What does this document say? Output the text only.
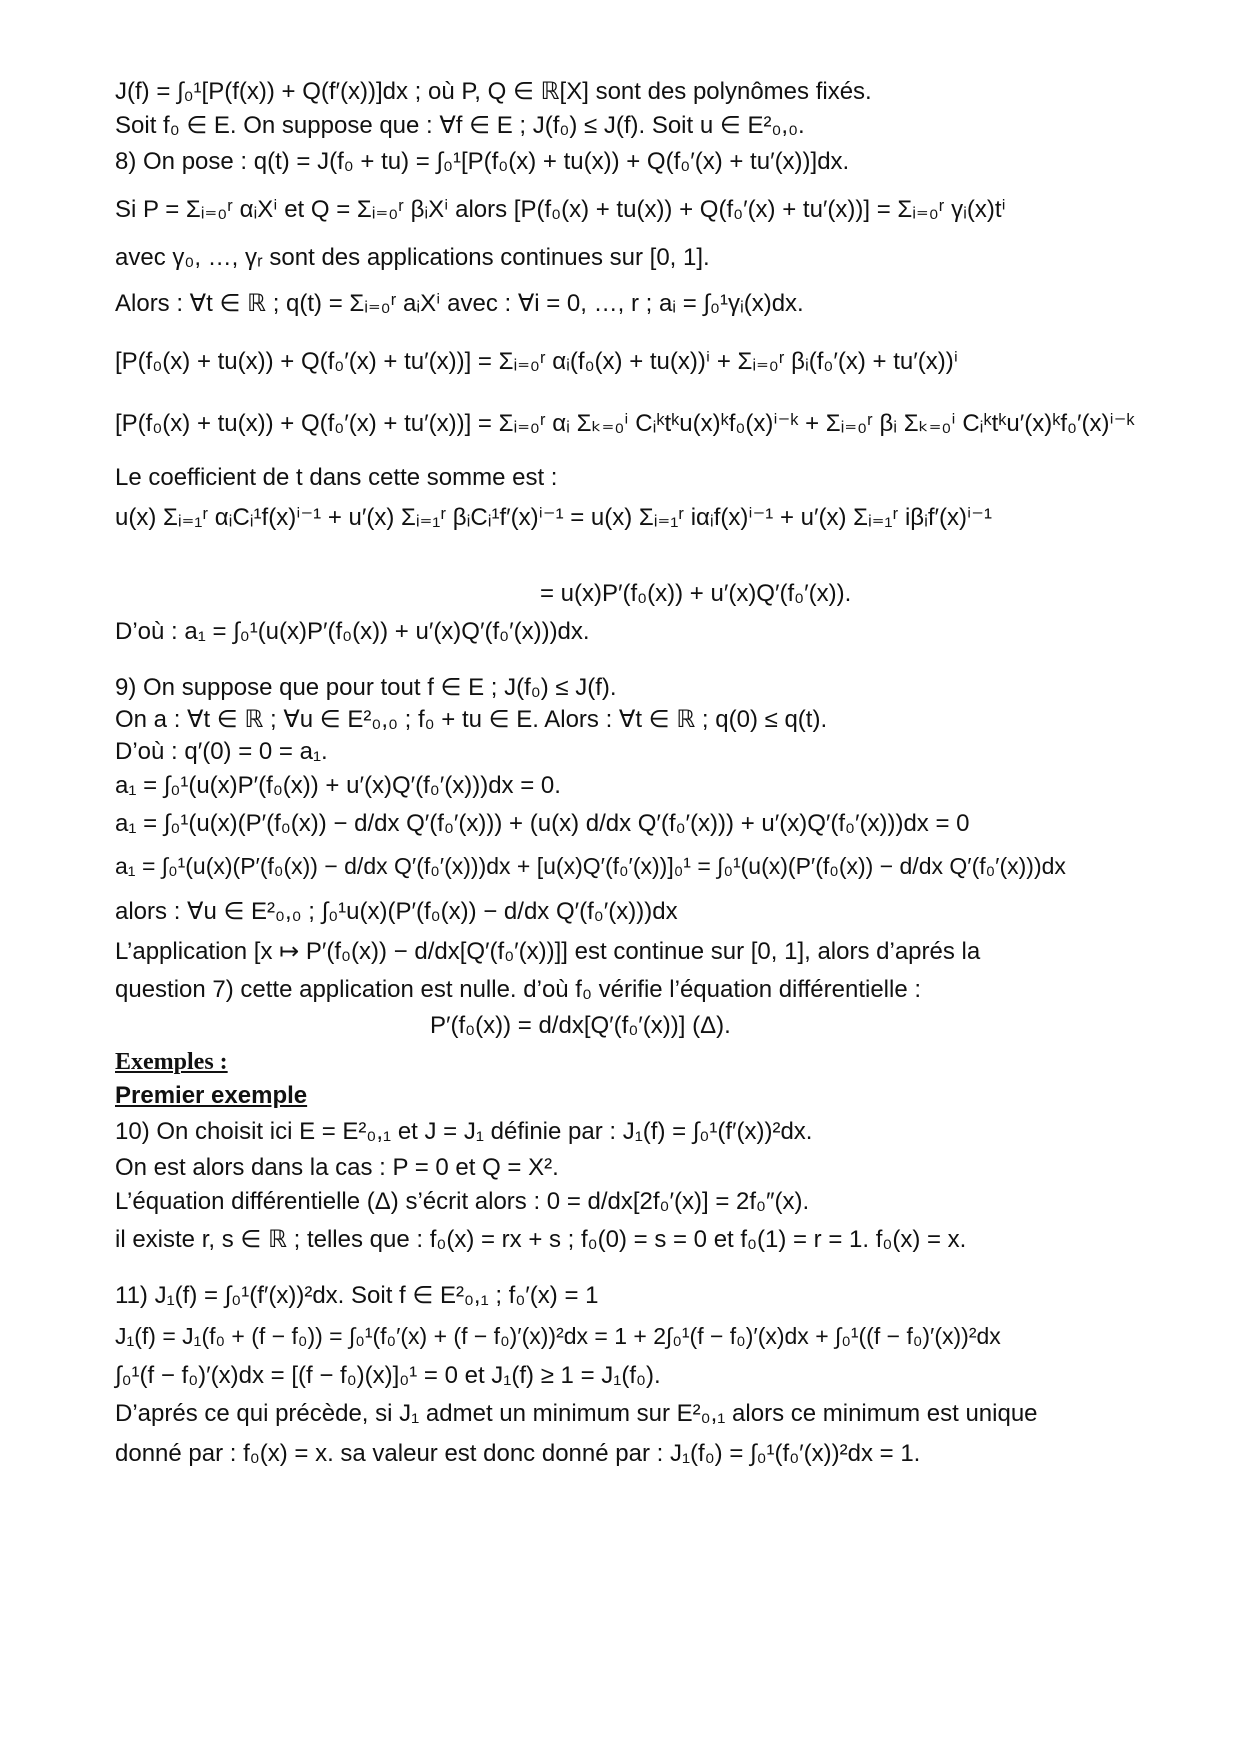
J(f) = ∫₀¹[P(f(x)) + Q(f′(x))]dx ; où P, Q ∈ ℝ[X] sont des polynômes fixés.
Soit f₀ ∈ E. On suppose que : ∀f ∈ E ; J(f₀) ≤ J(f). Soit u ∈ E²₀,₀.
8) On pose : q(t) = J(f₀ + tu) = ∫₀¹[P(f₀(x) + tu(x)) + Q(f₀′(x) + tu′(x))]dx.
Si P = Σᵢ₌₀ʳ αᵢXⁱ et Q = Σᵢ₌₀ʳ βᵢXⁱ alors [P(f₀(x) + tu(x)) + Q(f₀′(x) + tu′(x))] = Σᵢ₌₀ʳ γᵢ(x)tⁱ
avec γ₀, …, γᵣ sont des applications continues sur [0, 1].
Alors : ∀t ∈ ℝ ; q(t) = Σᵢ₌₀ʳ aᵢXⁱ avec : ∀i = 0, …, r ; aᵢ = ∫₀¹γᵢ(x)dx.
[P(f₀(x) + tu(x)) + Q(f₀′(x) + tu′(x))] = Σᵢ₌₀ʳ αᵢ(f₀(x) + tu(x))ⁱ + Σᵢ₌₀ʳ βᵢ(f₀′(x) + tu′(x))ⁱ
[P(f₀(x) + tu(x)) + Q(f₀′(x) + tu′(x))] = Σᵢ₌₀ʳ αᵢ Σₖ₌₀ⁱ Cᵢᵏtᵏu(x)ᵏf₀(x)ⁱ⁻ᵏ + Σᵢ₌₀ʳ βᵢ Σₖ₌₀ⁱ Cᵢᵏtᵏu′(x)ᵏf₀′(x)ⁱ⁻ᵏ
Le coefficient de t dans cette somme est :
u(x) Σᵢ₌₁ʳ αᵢCᵢ¹f(x)ⁱ⁻¹ + u′(x) Σᵢ₌₁ʳ βᵢCᵢ¹f′(x)ⁱ⁻¹ = u(x) Σᵢ₌₁ʳ iαᵢf(x)ⁱ⁻¹ + u′(x) Σᵢ₌₁ʳ iβᵢf′(x)ⁱ⁻¹
= u(x)P′(f₀(x)) + u′(x)Q′(f₀′(x)).
D’où : a₁ = ∫₀¹(u(x)P′(f₀(x)) + u′(x)Q′(f₀′(x)))dx.
9) On suppose que pour tout f ∈ E ; J(f₀) ≤ J(f).
On a : ∀t ∈ ℝ ; ∀u ∈ E²₀,₀ ; f₀ + tu ∈ E. Alors : ∀t ∈ ℝ ; q(0) ≤ q(t).
D’où : q′(0) = 0 = a₁.
a₁ = ∫₀¹(u(x)P′(f₀(x)) + u′(x)Q′(f₀′(x)))dx = 0.
a₁ = ∫₀¹(u(x)(P′(f₀(x)) − d/dx Q′(f₀′(x))) + (u(x) d/dx Q′(f₀′(x))) + u′(x)Q′(f₀′(x)))dx = 0
a₁ = ∫₀¹(u(x)(P′(f₀(x)) − d/dx Q′(f₀′(x)))dx + [u(x)Q′(f₀′(x))]₀¹ = ∫₀¹(u(x)(P′(f₀(x)) − d/dx Q′(f₀′(x)))dx
alors : ∀u ∈ E²₀,₀ ; ∫₀¹u(x)(P′(f₀(x)) − d/dx Q′(f₀′(x)))dx
L’application [x ↦ P′(f₀(x)) − d/dx[Q′(f₀′(x))]] est continue sur [0, 1], alors d’aprés la
question 7) cette application est nulle. d’où f₀ vérifie l’équation différentielle :
P′(f₀(x)) = d/dx[Q′(f₀′(x))] (Δ).
Exemples :
Premier exemple
10) On choisit ici E = E²₀,₁ et J = J₁ définie par : J₁(f) = ∫₀¹(f′(x))²dx.
On est alors dans la cas : P = 0 et Q = X².
L’équation différentielle (Δ) s’écrit alors : 0 = d/dx[2f₀′(x)] = 2f₀″(x).
il existe r, s ∈ ℝ ; telles que : f₀(x) = rx + s ; f₀(0) = s = 0 et f₀(1) = r = 1. f₀(x) = x.
11) J₁(f) = ∫₀¹(f′(x))²dx. Soit f ∈ E²₀,₁ ; f₀′(x) = 1
J₁(f) = J₁(f₀ + (f − f₀)) = ∫₀¹(f₀′(x) + (f − f₀)′(x))²dx = 1 + 2∫₀¹(f − f₀)′(x)dx + ∫₀¹((f − f₀)′(x))²dx
∫₀¹(f − f₀)′(x)dx = [(f − f₀)(x)]₀¹ = 0 et J₁(f) ≥ 1 = J₁(f₀).
D’aprés ce qui précède, si J₁ admet un minimum sur E²₀,₁ alors ce minimum est unique
donné par : f₀(x) = x. sa valeur est donc donné par : J₁(f₀) = ∫₀¹(f₀′(x))²dx = 1.
